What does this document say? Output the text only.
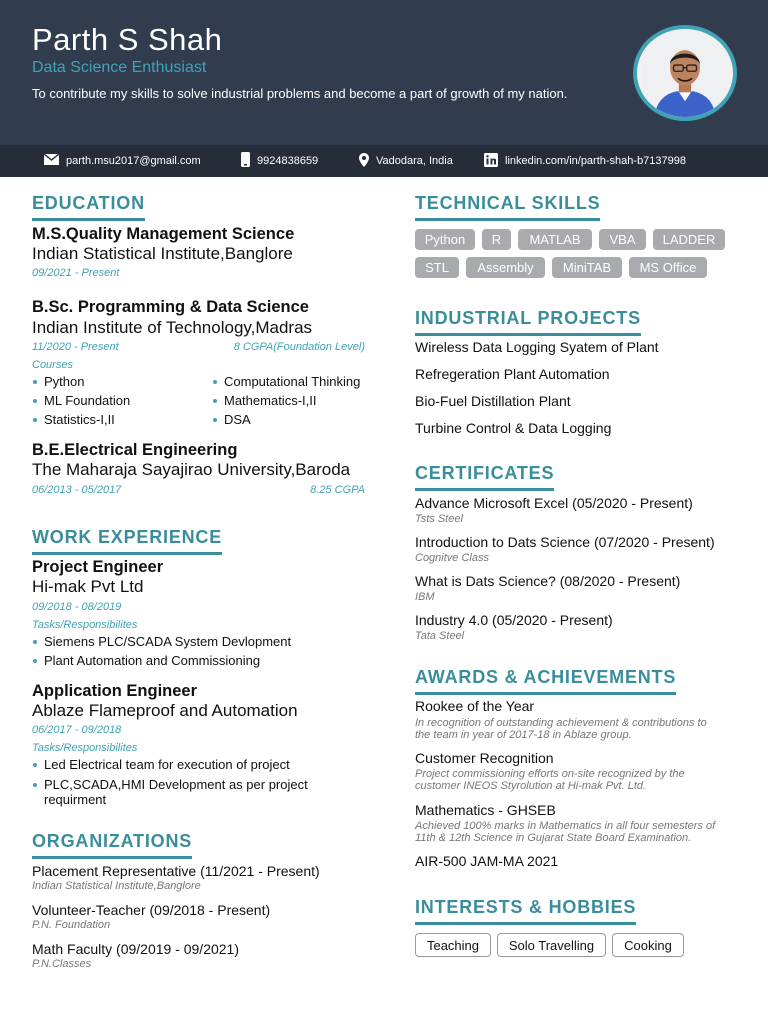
Parth S Shah
Data Science Enthusiast
To contribute my skills to solve industrial problems and become a part of growth of my nation.
parth.msu2017@gmail.com	9924838659	Vadodara, India	linkedin.com/in/parth-shah-b7137998
EDUCATION
M.S.Quality Management Science
Indian Statistical Institute,Banglore
09/2021 - Present
B.Sc. Programming & Data Science
Indian Institute of Technology,Madras
11/2020 - Present	8 CGPA(Foundation Level)
Courses
Python
ML Foundation
Statistics-I,II
Computational Thinking
Mathematics-I,II
DSA
B.E.Electrical Engineering
The Maharaja Sayajirao University,Baroda
06/2013 - 05/2017	8.25 CGPA
WORK EXPERIENCE
Project Engineer
Hi-mak Pvt Ltd
09/2018 - 08/2019
Tasks/Responsibilites
Siemens PLC/SCADA System Devlopment
Plant Automation and Commissioning
Application Engineer
Ablaze Flameproof and Automation
06/2017 - 09/2018
Tasks/Responsibilites
Led Electrical team for execution of project
PLC,SCADA,HMI Development as per project
requirment
ORGANIZATIONS
Placement Representative (11/2021 - Present)
Indian Statistical Institute,Banglore
Volunteer-Teacher (09/2018 - Present)
P.N. Foundation
Math Faculty (09/2019 - 09/2021)
P.N.Classes
TECHNICAL SKILLS
Python	R	MATLAB	VBA	LADDER
STL	Assembly	MiniTAB	MS Office
INDUSTRIAL PROJECTS
Wireless Data Logging Syatem of Plant
Refregeration Plant Automation
Bio-Fuel Distillation Plant
Turbine Control & Data Logging
CERTIFICATES
Advance Microsoft Excel (05/2020 - Present)
Tsts Steel
Introduction to Dats Science (07/2020 - Present)
Cognitve Class
What is Dats Science? (08/2020 - Present)
IBM
Industry 4.0 (05/2020 - Present)
Tata Steel
AWARDS & ACHIEVEMENTS
Rookee of the Year
In recognition of outstanding achievement & contributions to
the team in year of 2017-18 in Ablaze group.
Customer Recognition
Project commissioning efforts on-site recognized by the
customer INEOS Styrolution at Hi-mak Pvt. Ltd.
Mathematics - GHSEB
Achieved 100% marks in Mathematics in all four semesters of
11th & 12th Science in Gujarat State Board Examination.
AIR-500 JAM-MA 2021
INTERESTS & HOBBIES
Teaching	Solo Travelling	Cooking
